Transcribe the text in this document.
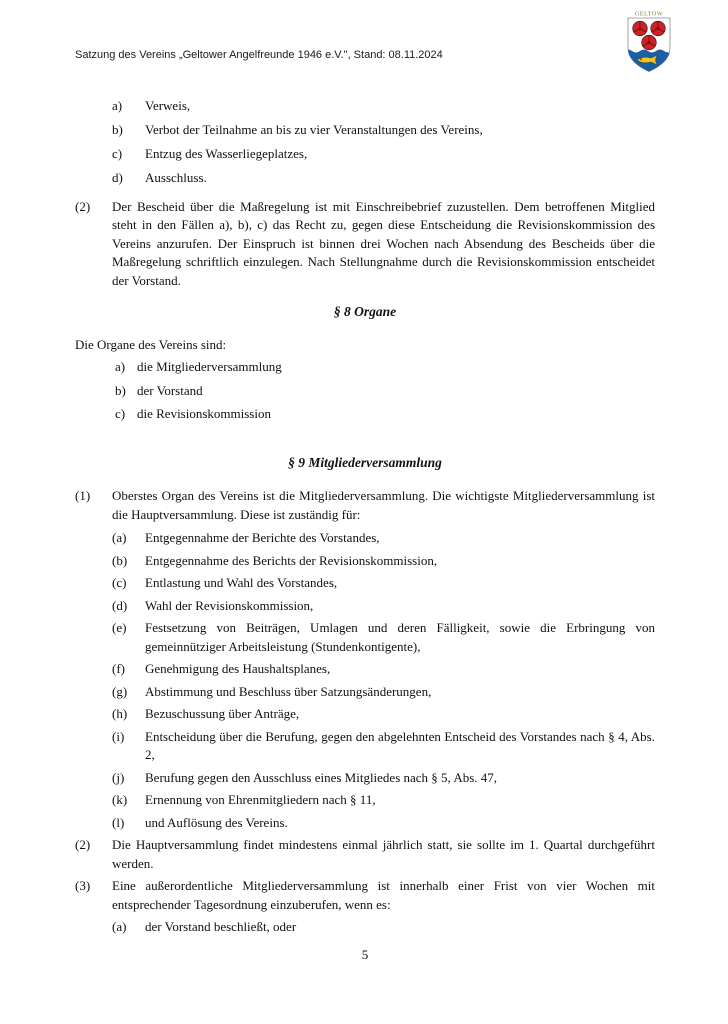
Satzung des Vereins „Geltower Angelfreunde 1946 e.V.", Stand: 08.11.2024
GELTOW
a)	Verweis,
b)	Verbot der Teilnahme an bis zu vier Veranstaltungen des Vereins,
c)	Entzug des Wasserliegeplatzes,
d)	Ausschluss.
(2)	Der Bescheid über die Maßregelung ist mit Einschreibebrief zuzustellen. Dem betroffenen Mitglied steht in den Fällen a), b), c) das Recht zu, gegen diese Entscheidung die Revisionskommission des Vereins anzurufen. Der Einspruch ist binnen drei Wochen nach Absendung des Bescheids über die Maßregelung schriftlich einzulegen. Nach Stellungnahme durch die Revisionskommission entscheidet der Vorstand.
§ 8 Organe
Die Organe des Vereins sind:
a) die Mitgliederversammlung
b) der Vorstand
c) die Revisionskommission
§ 9 Mitgliederversammlung
(1)	Oberstes Organ des Vereins ist die Mitgliederversammlung. Die wichtigste Mitgliederversammlung ist die Hauptversammlung. Diese ist zuständig für:
(a)	Entgegennahme der Berichte des Vorstandes,
(b)	Entgegennahme des Berichts der Revisionskommission,
(c)	Entlastung und Wahl des Vorstandes,
(d)	Wahl der Revisionskommission,
(e)	Festsetzung von Beiträgen, Umlagen und deren Fälligkeit, sowie die Erbringung von gemeinnütziger Arbeitsleistung (Stundenkontigente),
(f)	Genehmigung des Haushaltsplanes,
(g)	Abstimmung und Beschluss über Satzungsänderungen,
(h)	Bezuschussung über Anträge,
(i)	Entscheidung über die Berufung, gegen den abgelehnten Entscheid des Vorstandes nach § 4, Abs. 2,
(j)	Berufung gegen den Ausschluss eines Mitgliedes nach § 5, Abs. 47,
(k)	Ernennung von Ehrenmitgliedern nach § 11,
(l)	und Auflösung des Vereins.
(2)	Die Hauptversammlung findet mindestens einmal jährlich statt, sie sollte im 1. Quartal durchgeführt werden.
(3)	Eine außerordentliche Mitgliederversammlung ist innerhalb einer Frist von vier Wochen mit entsprechender Tagesordnung einzuberufen, wenn es:
(a)	der Vorstand beschließt, oder
5
